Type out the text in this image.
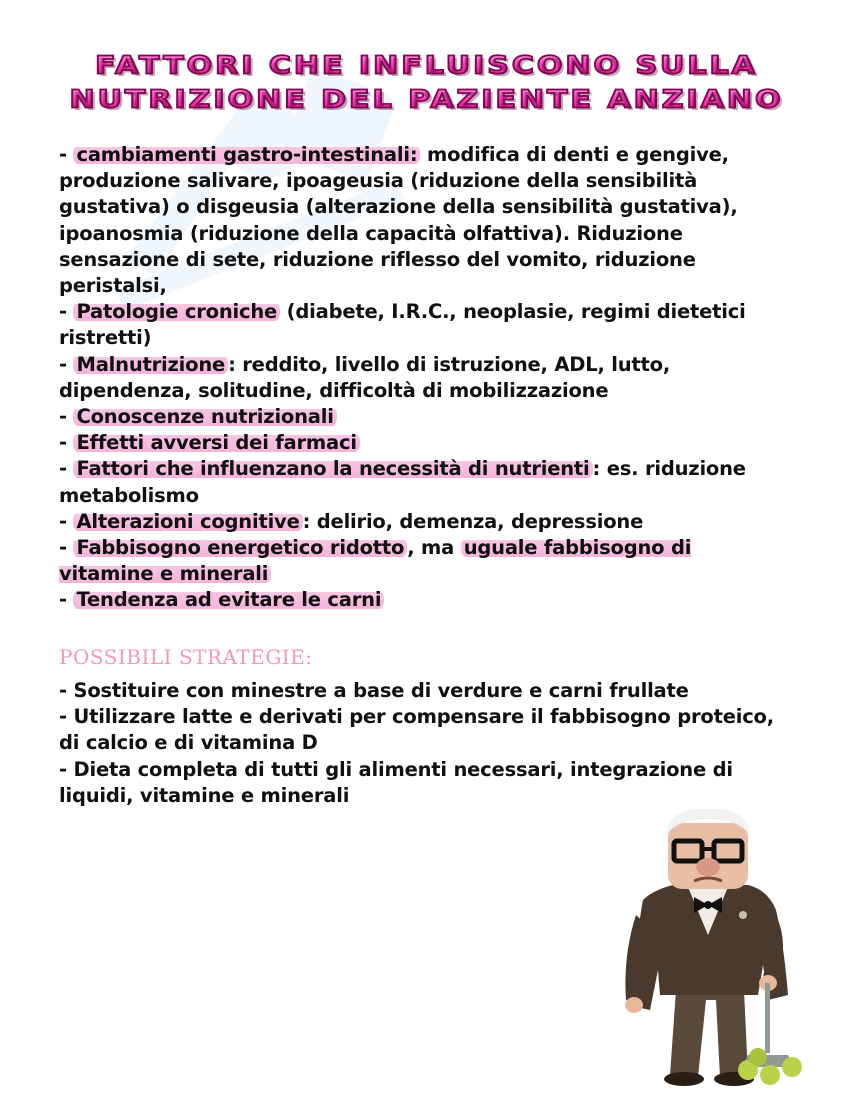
FATTORI CHE INFLUISCONO SULLA
NUTRIZIONE DEL PAZIENTE ANZIANO

- cambiamenti gastro-intestinali: modifica di denti e gengive, produzione salivare, ipoageusia (riduzione della sensibilità gustativa) o disgeusia (alterazione della sensibilità gustativa), ipoanosmia (riduzione della capacità olfattiva). Riduzione sensazione di sete, riduzione riflesso del vomito, riduzione peristalsi,

- Patologie croniche (diabete, I.R.C., neoplasie, regimi dietetici ristretti)

- Malnutrizione : reddito, livello di istruzione, ADL, lutto, dipendenza, solitudine, difficoltà di mobilizzazione

- Conoscenze nutrizionali

- Effetti avversi dei farmaci

- Fattori che influenzano la necessità di nutrienti : es. riduzione metabolismo

- Alterazioni cognitive : delirio, demenza, depressione

- Fabbisogno energetico ridotto , ma uguale fabbisogno di vitamine e minerali

- Tendenza ad evitare le carni

POSSIBILI STRATEGIE:

- Sostituire con minestre a base di verdure e carni frullate

- Utilizzare latte e derivati per compensare il fabbisogno proteico, di calcio e di vitamina D

- Dieta completa di tutti gli alimenti necessari, integrazione di liquidi, vitamine e minerali
